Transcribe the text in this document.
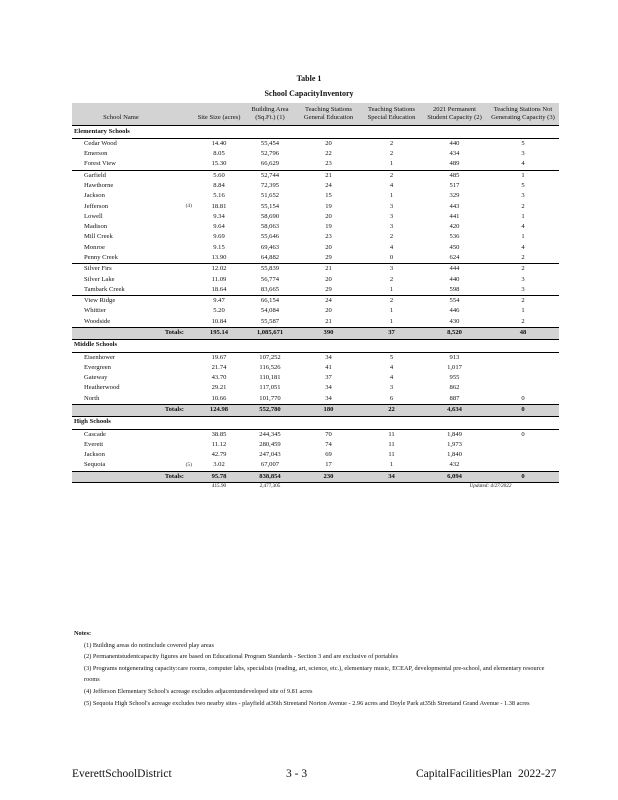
Table 1
School CapacityInventory
School Name		Site Size (acres)	Building Area (Sq.Ft.) (1)	Teaching Stations General Education	Teaching Stations Special Education	2021 Permanent Student Capacity (2)	Teaching Stations Not Generating Capacity (3)
Elementary Schools							
Cedar Wood		14.40	55,454	20	2	440	5
Emerson		8.05	52,796	22	2	434	3
Forest View		15.30	66,629	23	1	489	4
Garfield		5.60	52,744	21	2	485	1
Hawthorne		8.84	72,395	24	4	517	5
Jackson		5.16	51,652	15	1	329	3
Jefferson	(4)	18.81	55,154	19	3	443	2
Lowell		9.34	58,690	20	3	441	1
Madison		9.64	58,063	19	3	420	4
Mill Creek		9.69	55,646	23	2	536	1
Monroe		9.15	69,463	20	4	450	4
Penny Creek		13.90	64,882	29	0	624	2
Silver Firs		12.02	55,839	21	3	444	2
Silver Lake		11.09	56,774	20	2	440	3
Tambark Creek		18.64	83,665	29	1	598	3
View Ridge		9.47	66,154	24	2	554	2
Whittier		5.20	54,084	20	1	446	1
Woodside		10.84	55,587	21	1	430	2
Totals:		195.14	1,085,671	390	37	8,520	48
Middle Schools							
Eisenhower		19.67	107,252	34	5	913	
Evergreen		21.74	116,526	41	4	1,017	
Gateway		43.70	110,181	37	4	955	
Heatherwood		29.21	117,051	34	3	862	
North		10.66	101,770	34	6	887	0
Totals:		124.98	552,780	180	22	4,634	0
High Schools							
Cascade		38.85	244,345	70	11	1,849	0
Everett		11.12	280,459	74	11	1,973	
Jackson		42.79	247,043	69	11	1,840	
Sequoia	(5)	3.02	67,007	17	1	432	
Totals:		95.78	838,854	230	34	6,094	0
		415.90	2,477,305			Updated: 4/27/2022	
Notes:
(1) Building areas do notinclude covered play areas
(2) Permanentstudentcapacity figures are based on Educational Program Standards - Section 3 and are exclusive of portables
(3) Programs notgenerating capacity:care rooms, computer labs, specialists (reading, art, science, etc.), elementary music, ECEAP, developmental pre-school, and elementary resource rooms
(4) Jefferson Elementary School's acreage excludes adjacentundeveloped site of 9.81 acres
(5) Sequoia High School's acreage excludes two nearby sites - playfield at36th Streetand Norton Avenue - 2.96 acres and Doyle Park at35th Streetand Grand Avenue - 1.38 acres
EverettSchoolDistrict	3 - 3	CapitalFacilitiesPlan 2022-27
